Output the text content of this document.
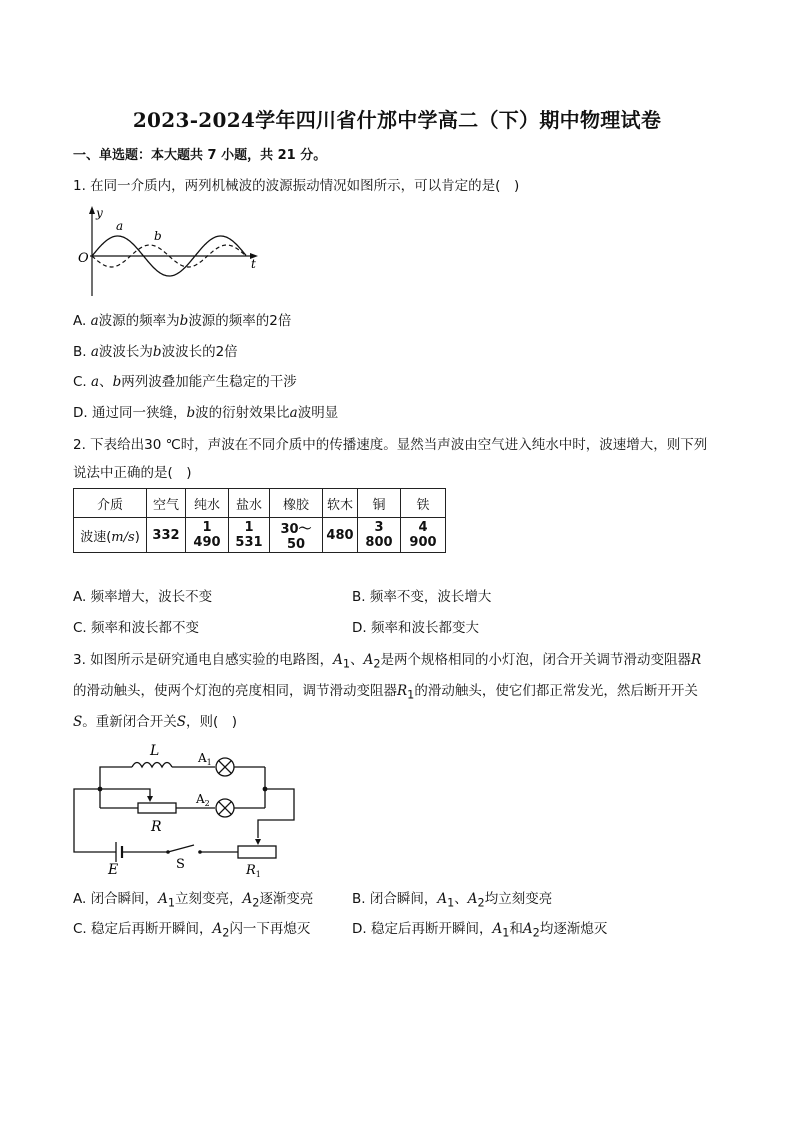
2023-2024学年四川省什邡中学高二（下）期中物理试卷
一、单选题：本大题共 7 小题，共 21 分。
1. 在同一介质内，两列机械波的波源振动情况如图所示，可以肯定的是(　)
y
a
b
O	t
A. a波源的频率为b波源的频率的2倍
B. a波波长为b波波长的2倍
C. a、b两列波叠加能产生稳定的干涉
D. 通过同一狭缝，b波的衍射效果比a波明显
2. 下表给出30 ℃时，声波在不同介质中的传播速度。显然当声波由空气进入纯水中时，波速增大，则下列
说法中正确的是(　)
介质	空气	纯水	盐水	橡胶	软木	铜	铁
波速(m/s)	332	1 490	1 531	30～50	480	3 800	4 900
A. 频率增大，波长不变	B. 频率不变，波长增大
C. 频率和波长都不变	D. 频率和波长都变大
3. 如图所示是研究通电自感实验的电路图，$A_1$、$A_2$是两个规格相同的小灯泡，闭合开关调节滑动变阻器R
的滑动触头，使两个灯泡的亮度相同，调节滑动变阻器$R_1$的滑动触头，使它们都正常发光，然后断开开关
S。重新闭合开关S，则(　)
L	$A_1$
$A_2$
R
E	S	$R_1$
A. 闭合瞬间，$A_1$立刻变亮，$A_2$逐渐变亮	B. 闭合瞬间，$A_1$、$A_2$均立刻变亮
C. 稳定后再断开瞬间，$A_2$闪一下再熄灭	D. 稳定后再断开瞬间，$A_1$和$A_2$均逐渐熄灭
